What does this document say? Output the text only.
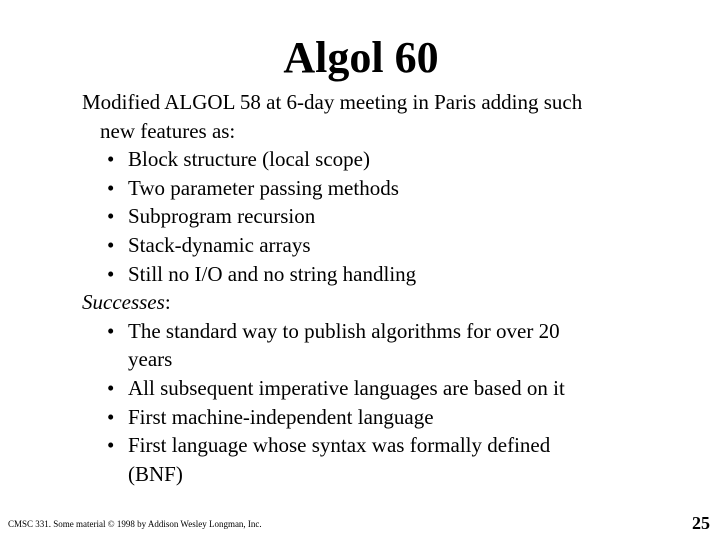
Algol 60
Modified ALGOL 58 at 6-day meeting in Paris adding such
new features as:
• Block structure (local scope)
• Two parameter passing methods
• Subprogram recursion
• Stack-dynamic arrays
• Still no I/O and no string handling
Successes:
• The standard way to publish algorithms for over 20
years
• All subsequent imperative languages are based on it
• First machine-independent language
• First language whose syntax was formally defined
(BNF)
CMSC 331. Some material © 1998 by Addison Wesley Longman, Inc.	25
